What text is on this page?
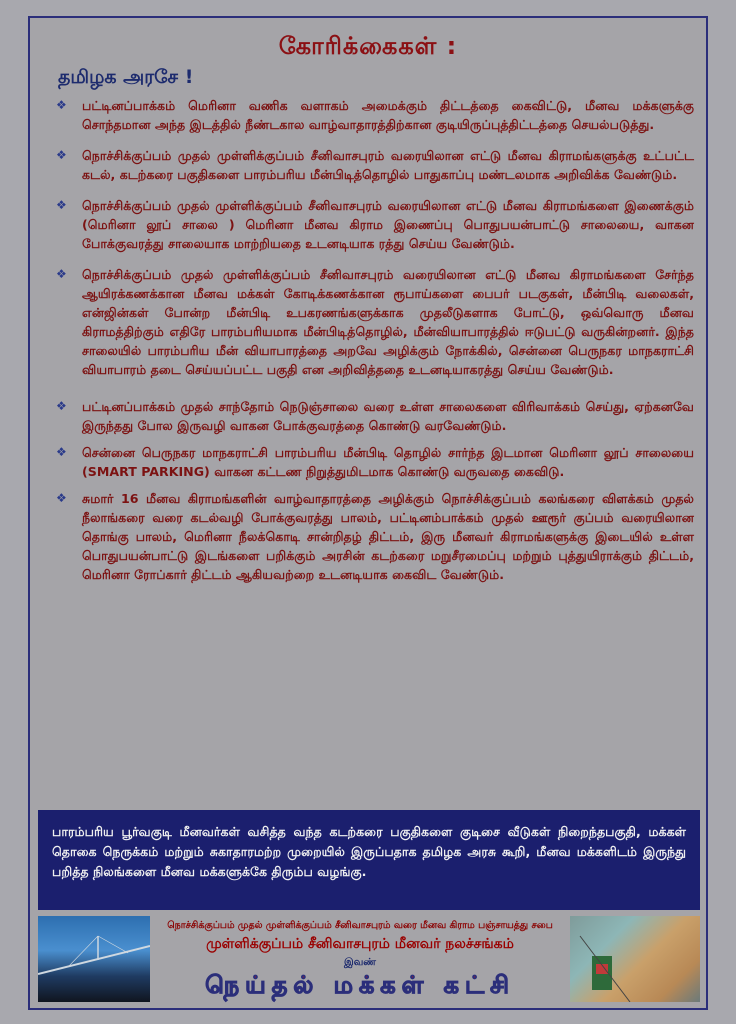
கோரிக்கைகள் :
தமிழக அரசே !
❖ பட்டினப்பாக்கம் மெரினா வணிக வளாகம் அமைக்கும் திட்டத்தை கைவிட்டு, மீனவ மக்களுக்கு சொந்தமான அந்த இடத்தில் நீண்டகால வாழ்வாதாரத்திற்கான குடியிருப்புத்திட்டத்தை செயல்படுத்து.
❖ நொச்சிக்குப்பம் முதல் முள்ளிக்குப்பம் சீனிவாசபுரம் வரையிலான எட்டு மீனவ கிராமங்களுக்கு உட்பட்ட கடல், கடற்கரை பகுதிகளை பாரம்பரிய மீன்பிடித்தொழில் பாதுகாப்பு மண்டலமாக அறிவிக்க வேண்டும்.
❖ நொச்சிக்குப்பம் முதல் முள்ளிக்குப்பம் சீனிவாசபுரம் வரையிலான எட்டு மீனவ கிராமங்களை இணைக்கும் (மெரினா லூப் சாலை ) மெரினா மீனவ கிராம இணைப்பு பொதுபயன்பாட்டு சாலையை, வாகன போக்குவரத்து சாலையாக மாற்றியதை உடனடியாக ரத்து செய்ய வேண்டும்.
❖ நொச்சிக்குப்பம் முதல் முள்ளிக்குப்பம் சீனிவாசபுரம் வரையிலான எட்டு மீனவ கிராமங்களை சேர்ந்த ஆயிரக்கணக்கான மீனவ மக்கள் கோடிக்கணக்கான ரூபாய்களை பைபர் படகுகள், மீன்பிடி வலைகள், என்ஜின்கள் போன்ற மீன்பிடி உபகரணங்களுக்காக முதலீடுகளாக போட்டு, ஒவ்வொரு மீனவ கிராமத்திற்கும் எதிரே பாரம்பரியமாக மீன்பிடித்தொழில், மீன்வியாபாரத்தில் ஈடுபட்டு வருகின்றனர். இந்த சாலையில் பாரம்பரிய மீன் வியாபாரத்தை அறவே அழிக்கும் நோக்கில், சென்னை பெருநகர மாநகராட்சி வியாபாரம் தடை செய்யப்பட்ட பகுதி என அறிவித்ததை உடனடியாகரத்து செய்ய வேண்டும்.
❖ பட்டினப்பாக்கம் முதல் சாந்தோம் நெடுஞ்சாலை வரை உள்ள சாலைகளை விரிவாக்கம் செய்து, ஏற்கனவே இருந்தது போல இருவழி வாகன போக்குவரத்தை கொண்டு வரவேண்டும்.
❖ சென்னை பெருநகர மாநகராட்சி பாரம்பரிய மீன்பிடி தொழில் சார்ந்த இடமான மெரினா லூப் சாலையை (SMART PARKING) வாகன கட்டண நிறுத்துமிடமாக கொண்டு வருவதை கைவிடு.
❖ சுமார் 16 மீனவ கிராமங்களின் வாழ்வாதாரத்தை அழிக்கும் நொச்சிக்குப்பம் கலங்கரை விளக்கம் முதல் நீலாங்கரை வரை கடல்வழி போக்குவரத்து பாலம், பட்டினம்பாக்கம் முதல் ஊரூர் குப்பம் வரையிலான தொங்கு பாலம், மெரினா நீலக்கொடி சான்றிதழ் திட்டம், இரு மீனவர் கிராமங்களுக்கு இடையில் உள்ள பொதுபயன்பாட்டு இடங்களை பறிக்கும் அரசின் கடற்கரை மறுசீரமைப்பு மற்றும் புத்துயிராக்கும் திட்டம், மெரினா ரோப்கார் திட்டம் ஆகியவற்றை உடனடியாக கைவிட வேண்டும்.
பாரம்பரிய பூர்வகுடி மீனவர்கள் வசித்த வந்த கடற்கரை பகுதிகளை குடிசை வீடுகள் நிறைந்தபகுதி, மக்கள் தொகை நெருக்கம் மற்றும் சுகாதாரமற்ற முறையில் இருப்பதாக தமிழக அரசு கூறி, மீனவ மக்களிடம் இருந்து பறித்த நிலங்களை மீனவ மக்களுக்கே திரும்ப வழங்கு.
நொச்சிக்குப்பம் முதல் முள்ளிக்குப்பம் சீனிவாசபுரம் வரை மீனவ கிராம பஞ்சாயத்து சபை
முள்ளிக்குப்பம் சீனிவாசபுரம் மீனவர் நலச்சங்கம்
இவண்
நெய்தல் மக்கள் கட்சி
